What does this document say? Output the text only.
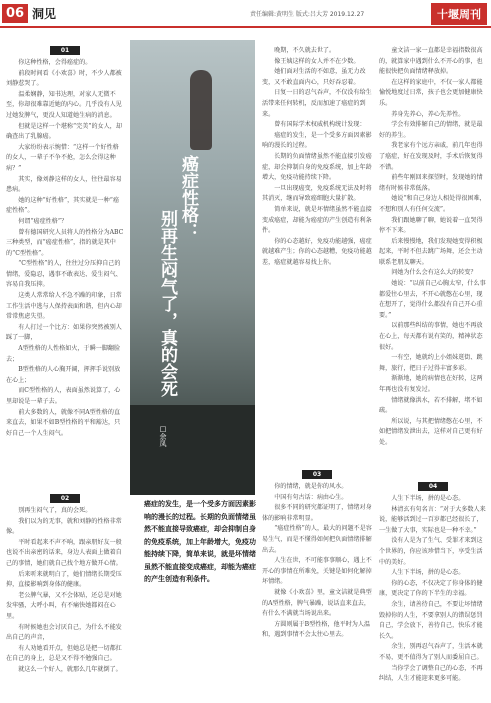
06 洞见	责任编辑:黄明生 版式:吕大芳 2019.12.27	十堰周刊
01

你这种性格，会得癌症的。

前段时间看《小欢喜》时，不少人都被刘静惹哭了。

温柔娴静，知书达理，对家人无微不至，你却很难靠近她的内心。几乎没有人见过她发脾气，更没人知道她生病的消息。

但就是这样一个堪称“完美”的女人，却确查出了乳腺癌。

大家纷纷表示惋惜：“这样一个好性格的女人，一辈子不争不抢，怎么会得这种病？”

其实，像刘静这样的女人，往往最容易患病。

她的这种“好性格”，其实就是一种“癌症性格”。

何谓“癌症性格”？

曾有德国研究人员将人的性格分为ABC三种类型，而“癌症性格”，指的就是其中的“C型性格”。

“C型性格”的人，往往过分压抑自己的情绪，爱隐忍，遇事不敢表达、爱生闷气、容易自我压抑。

这类人常常给人不急不躁的印象，日常工作生活中逃与人保持表面和谐，但内心却常常焦虑失望。

有人打过一个比方：如果你突然被别人踩了一脚，

A型性格的人性格如火，于瞬一脚翻脸去；

B型性格的人心胸开阔，挥挥手说别放在心上；

而C型性格的人，表面虽然说算了，心里却说是一辈子去。

前大多数的人，就像不同A型性格的直来直去，如果不如B型性格的平和豁达，只好自己一个人生闷气。

02

别再生闷气了，真的会死。

我们以为的无事，就和刘静的性格非常像。

平时看起来不声不响，跟亲朋好友一般也说不出亲密的话来，身边人表面上做着自己的事情，她们就自己找个地方做开心情。

后来听来就明白了，她们情绪长期受压抑，直接影响到身体的健康。

老公脾气暴，又不会体贴，还总是对她发牢骚，大呼小叫，有不痛快她都闷在心里。

有时候她也会讨厌自己，为什么不能发出自己的声音，

有人劝她看开点，但她总是把一切都扛在自己的身上，总是又不得不勉强自己。

就这么一个好人，就那么几年就倒了。

癌症性格：
别再生闷气了，真的会死
□余凤
癌症的发生，是一个受多方面因素影响的漫长的过程。长期的负面情绪虽然不能直接导致癌症，却会抑制自身的免疫系统，加上年龄增大，免疫功能持续下降，简单来说，就是坏情绪虽然不能直接变成癌症，却能为癌症的产生创造有利条件。

晚期，不久就去世了。

像王姨这样的女人并不在少数。

她们面对生活的不如意，虽无力改变，又不敢直面内心，只好吞忍着。

日复一日的忍气吞声，不仅没有给生活带来任何转机，反而加速了癌症的到来。

曾有国际学术权威机构统计发现：

癌症的发生，是一个受多方面因素影响的漫长的过程。

长期的负面情绪虽然不能直接引发癌症，却会抑制自身的免疫系统，加上年龄增大，免疫功能持续下降。

一旦出现癌变，免疫系统无法及时将其消灭，继而导致癌细胞大量扩散。

简单来说，就是坏情绪虽然不能直接变成癌症，却能为癌症的产生创造有利条件。

你的心态越好，免疫功能越强，癌症就越难产生；你的心态越糟，免疫功能越差，癌症就越容易找上你。

03

你的情绪，就是你的风水。

中国有句古话：病由心生。

很多不同的研究都证明了，情绪对身体的影响非常明显。

“癌症性格”的人，最大的问题不是容易生气，而是不懂得如何把负面情绪排解出去。

人生在世，不可能事事顺心，遇上不开心的事情在所难免，关键是如何化解掉坏情绪。

就像《小欢喜》里，童文洁就是典型的A型性格，脾气暴躁，说话直来直去，有什么不满就当场说出来。

方圆则属于B型性格，他平时为人温和，遇到事情不会太往心里去。

童文洁一家一直都是幸福指数很高的，就算家中遇到什么不开心的事，也能很快把负面情绪释放掉。

在这样的家庭中，不仅一家人都能愉悦地度过日常，孩子也会更加健康快乐。

养身先养心，养心先养性。

学会有效排解自己的情绪，就是最好的养生。

我老家有个远方亲戚，前几年也得了癌症，好在发现及时，手术后恢复得不错。

前些年刚回来探望时，发现她的情绪有时候非常低落。

她说“和自己身边人相处得很困难，不想和别人有任何交流”。

我们跟她聊了聊，她说着一直哭得停不下来。

后来慢慢地，我们发现她变得积极起来，平时不但去跳广场舞，还会主动联系老朋友聊天。

问她为什么会有这么大的转变？

她说：“以前自己心胸太窄，什么事都爱往心里去，不开心就憋在心里，现在想开了，觉得什么都没有自己开心重要。”

以前那些纠结的事情，她也不再放在心上，每天都有说有笑的，精神状态很好。

一有空，她就约上小姐妹逛街、跳舞，旅行，把日子过得丰富多彩。

渐渐地，她的病情也在好转，这两年再也没有复发过。

情绪就像洪水，若不排解，堵不如疏。

所以说，与其把情绪憋在心里，不如把情绪发泄出去，这样对自己更有好处。

04

人生下半场，拼的是心态。

林清玄有句名言：“对于大多数人来说，能够活到过一百岁都已经很长了，一生做了大事，实际也是一种不幸。”

没有人是为了生气、受罪才来到这个世界的，你应该珍惜当下，享受生活中的美好。

人生下半场，拼的是心态。

你的心态，不仅决定了你身体的健康，更决定了你的下半生的幸福。

余生，请善待自己，不要让坏情绪毁掉你的人生，不要拿别人的错误惩罚自己，学会放下，善待自己，快乐才能长久。

余生，别再忍气吞声了，生活本就不易，更不值得为了别人而委屈自己。

当你学会了调整自己的心态，不再纠结，人生才能迎来更多可能。
